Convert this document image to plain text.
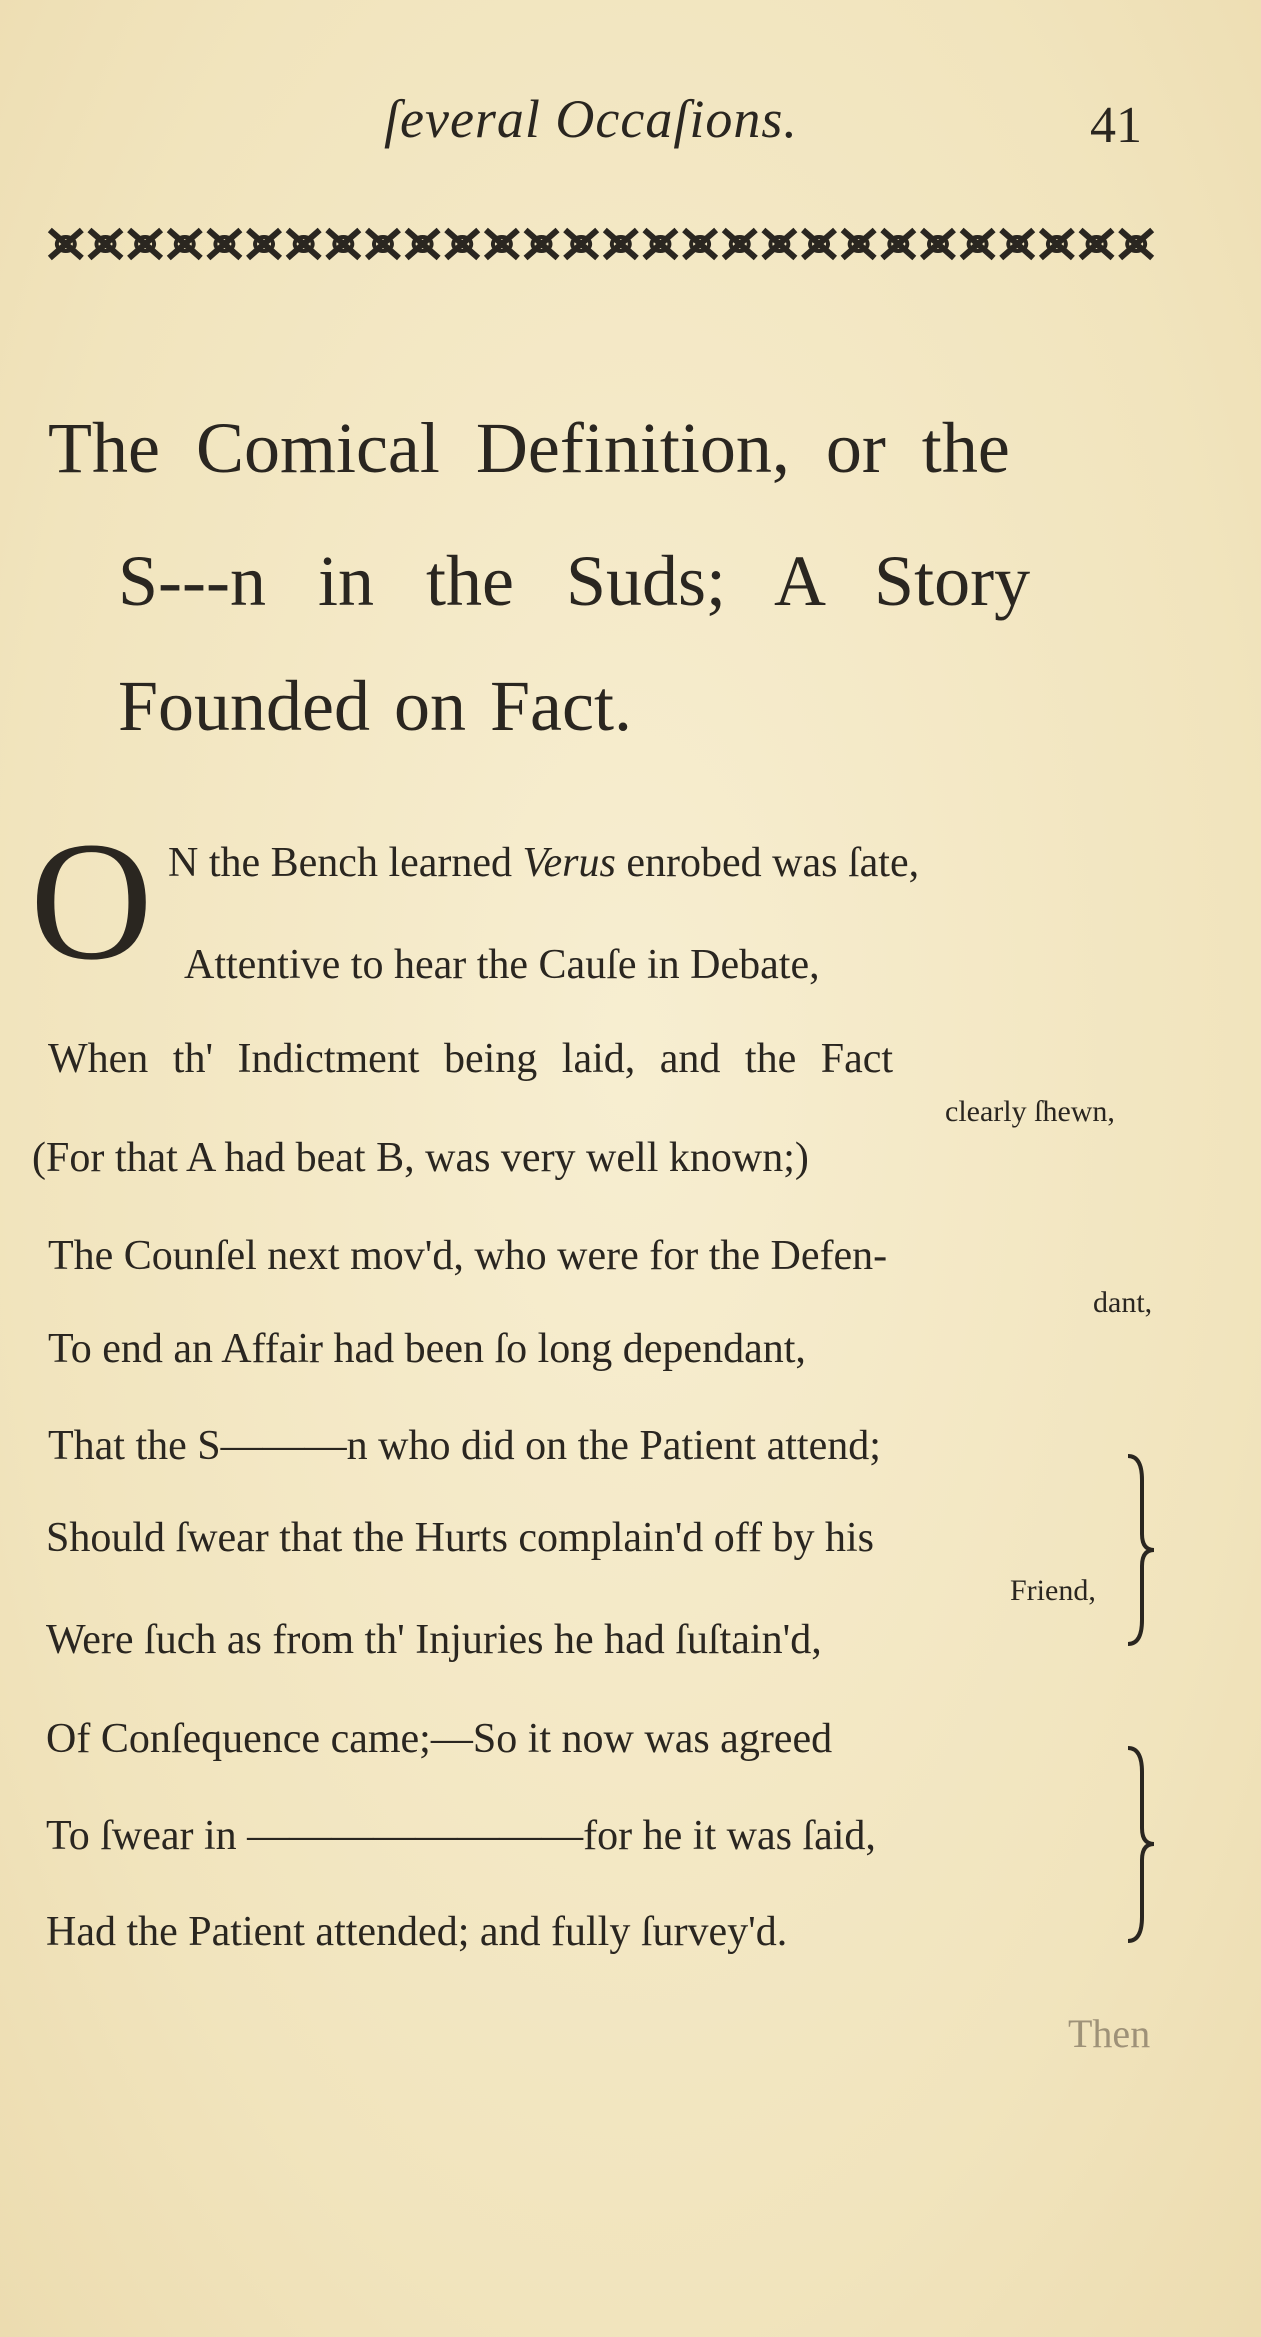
ſeveral Occaſions.	41
The Comical Definition, or the
S---n in the Suds; A Story
Founded on Fact.
O N the Bench learned Verus enrobed was ſate,
Attentive to hear the Cauſe in Debate,
When th' Indictment being laid, and the Fact
clearly ſhewn,
(For that A had beat B, was very well known;)
The Counſel next mov'd, who were for the Defen-
dant,
To end an Affair had been ſo long dependant,
That the S———n who did on the Patient attend;
Should ſwear that the Hurts complain'd off by his
Friend,
Were ſuch as from th' Injuries he had ſuſtain'd,
Of Conſequence came;—So it now was agreed
To ſwear in ————————for he it was ſaid,
Had the Patient attended; and fully ſurvey'd.
Then
